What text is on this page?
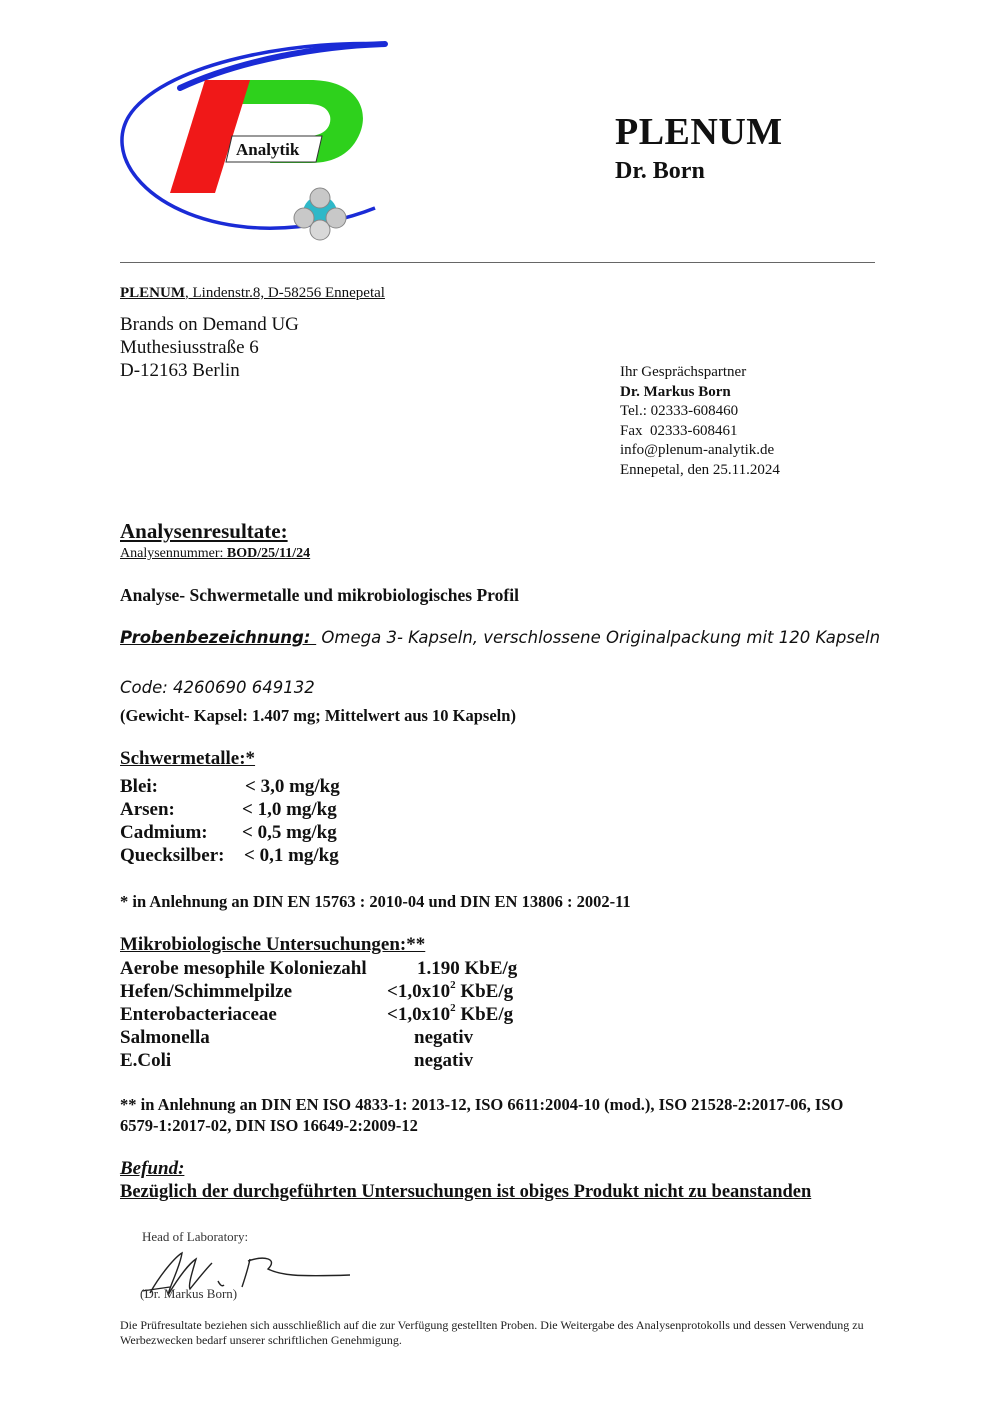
Analytik	PLENUM
Dr. Born
PLENUM, Lindenstr.8, D-58256 Ennepetal
Brands on Demand UG
Muthesiusstraße 6
D-12163 Berlin	Ihr Gesprächspartner
Dr. Markus Born
Tel.: 02333-608460
Fax  02333-608461
info@plenum-analytik.de
Ennepetal, den 25.11.2024
Analysenresultate:
Analysennummer: BOD/25/11/24
Analyse- Schwermetalle und mikrobiologisches Profil
Probenbezeichnung:  Omega 3- Kapseln, verschlossene Originalpackung mit 120 Kapseln
Code: 4260690 649132
(Gewicht- Kapsel: 1.407 mg; Mittelwert aus 10 Kapseln)
Schwermetalle:*
Blei:	< 3,0 mg/kg
Arsen:	< 1,0 mg/kg
Cadmium: < 0,5 mg/kg
Quecksilber: < 0,1 mg/kg
* in Anlehnung an DIN EN 15763 : 2010-04 und DIN EN 13806 : 2002-11
Mikrobiologische Untersuchungen:**
Aerobe mesophile Koloniezahl	1.190 KbE/g
Hefen/Schimmelpilze	$<1,0x10^2$ KbE/g
Enterobacteriaceae	$<1,0x10^2$ KbE/g
Salmonella	negativ
E.Coli	negativ
** in Anlehnung an DIN EN ISO 4833-1: 2013-12, ISO 6611:2004-10 (mod.), ISO 21528-2:2017-06, ISO 6579-1:2017-02, DIN ISO 16649-2:2009-12
Befund:
Bezüglich der durchgeführten Untersuchungen ist obiges Produkt nicht zu beanstanden
Head of Laboratory:
(Dr. Markus Born)
Die Prüfresultate beziehen sich ausschließlich auf die zur Verfügung gestellten Proben. Die Weitergabe des Analysenprotokolls und dessen Verwendung zu Werbezwecken bedarf unserer schriftlichen Genehmigung.
